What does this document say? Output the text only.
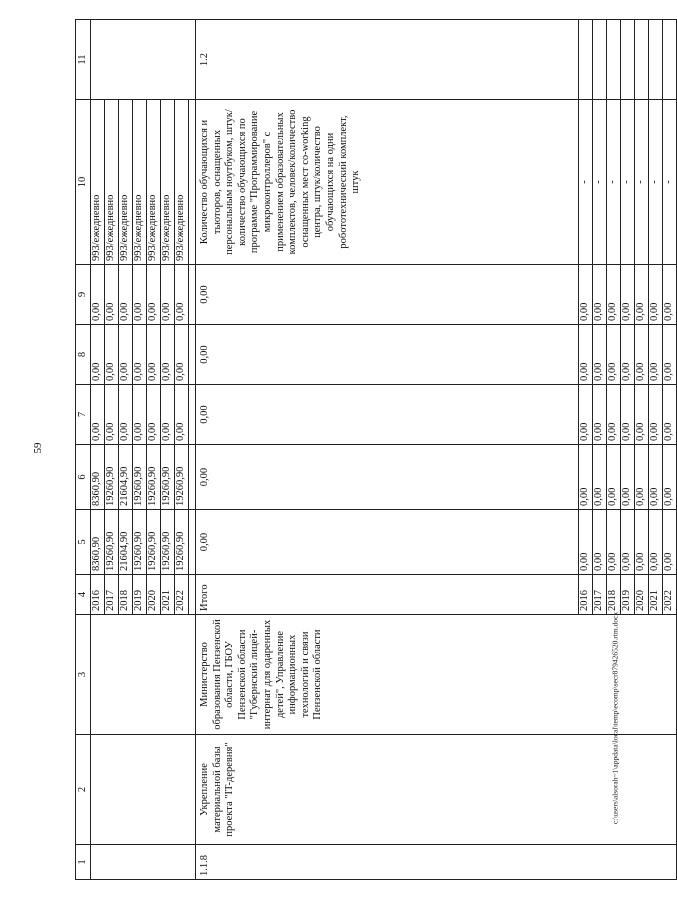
59
1	2	3	4	5	6	7	8	9	10	11
			2016	8360,90	8360,90	0,00	0,00	0,00	993/ежедневно	
			2017	19260,90	19260,90	0,00	0,00	0,00	993/ежедневно	
			2018	21604,90	21604,90	0,00	0,00	0,00	993/ежедневно	
			2019	19260,90	19260,90	0,00	0,00	0,00	993/ежедневно	
			2020	19260,90	19260,90	0,00	0,00	0,00	993/ежедневно	
			2021	19260,90	19260,90	0,00	0,00	0,00	993/ежедневно	
			2022	19260,90	19260,90	0,00	0,00	0,00	993/ежедневно	

1.1.8	Укрепление материальной базы проекта "IT-деревня"	Министерство образования Пензенской области, ГБОУ Пензенской области "Губернский лицей-интернат для одаренных детей", Управление информационных технологий и связи Пензенской области	Итого	0,00	0,00	0,00	0,00	0,00	Количество обучающихся и тьюторов, оснащенных персональным ноутбуком, штук/количество обучающихся по программе "Программирование микроконтроллеров" с применением образовательных комплектов, человек/количество оснащенных мест co-working центра, штук/количество обучающихся на одни робототехнический комплект, штук	1.2
			2016	0,00	0,00	0,00	0,00	0,00	-	
			2017	0,00	0,00	0,00	0,00	0,00	-	
			2018	0,00	0,00	0,00	0,00	0,00	-	
			2019	0,00	0,00	0,00	0,00	0,00	-	
			2020	0,00	0,00	0,00	0,00	0,00	-	
			2021	0,00	0,00	0,00	0,00	0,00	-	
			2022	0,00	0,00	0,00	0,00	0,00	-	
c:\users\alsorah~1\appdata\local\temp\ecomp\secr879426520.rtm.docx
